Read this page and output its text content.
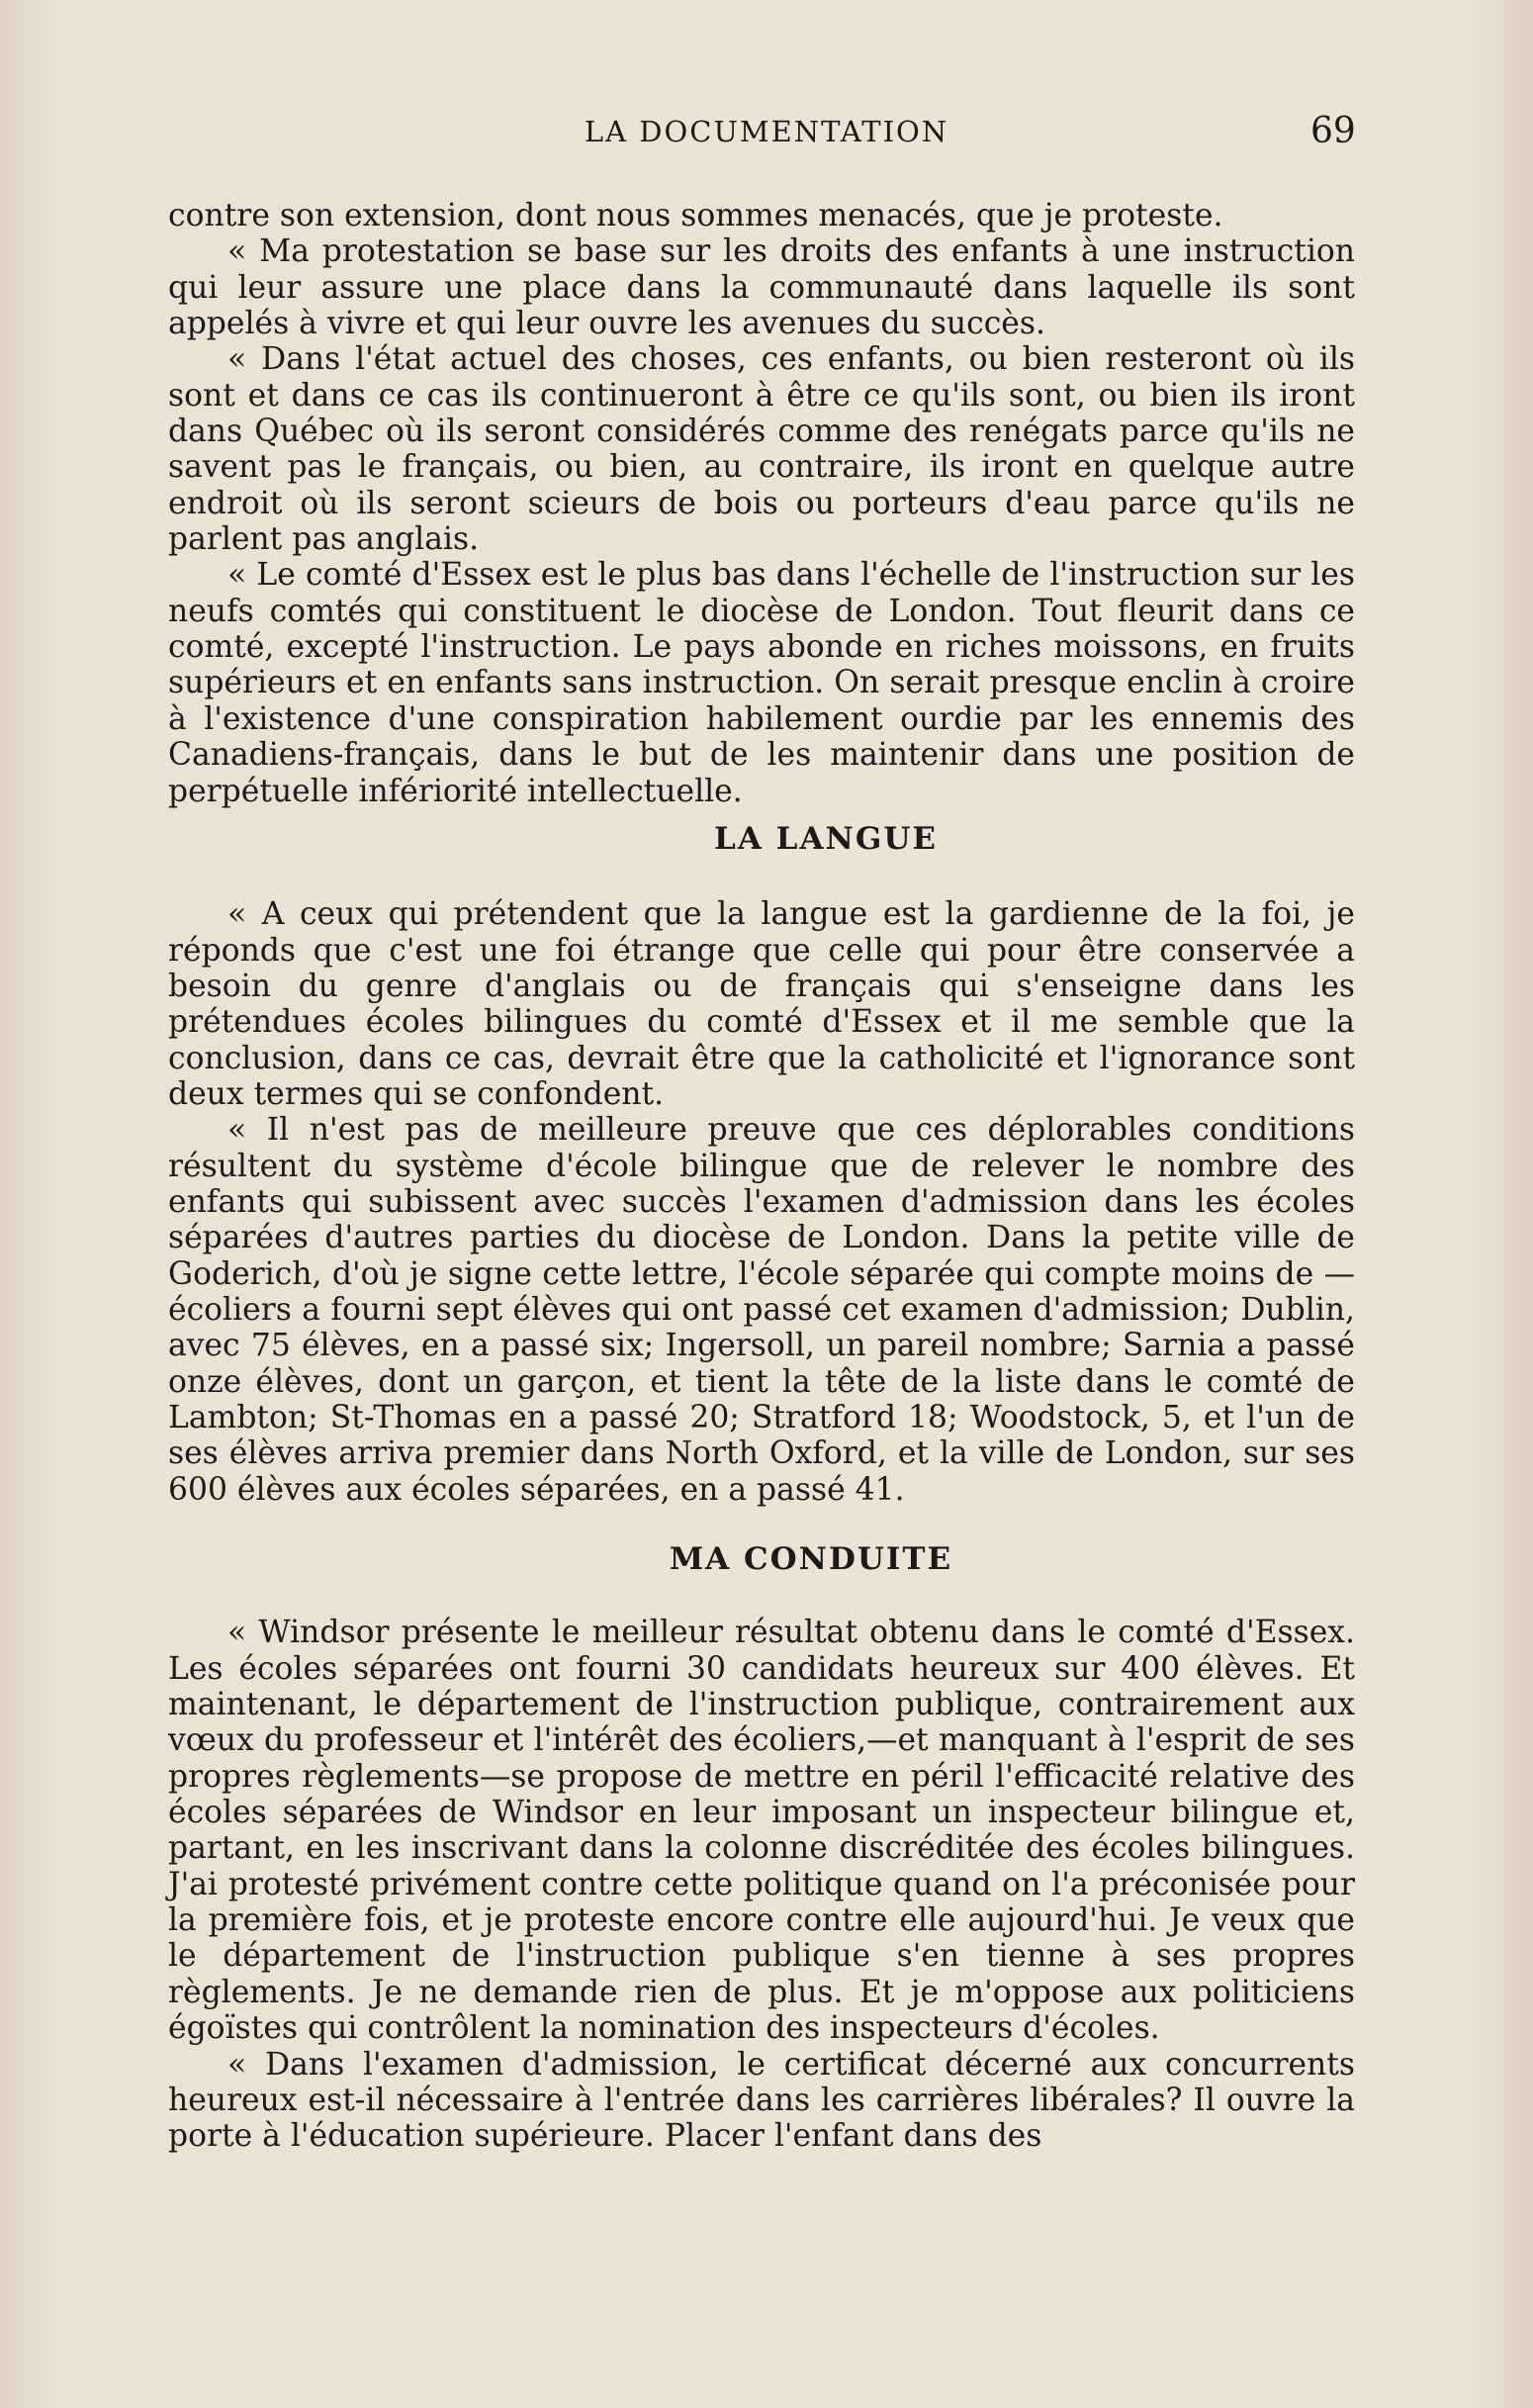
LA DOCUMENTATION	69

contre son extension, dont nous sommes menacés, que je proteste.

« Ma protestation se base sur les droits des enfants à une instruction qui leur assure une place dans la communauté dans laquelle ils sont appelés à vivre et qui leur ouvre les avenues du succès.

« Dans l'état actuel des choses, ces enfants, ou bien resteront où ils sont et dans ce cas ils continueront à être ce qu'ils sont, ou bien ils iront dans Québec où ils seront considérés comme des renégats parce qu'ils ne savent pas le français, ou bien, au contraire, ils iront en quelque autre endroit où ils seront scieurs de bois ou porteurs d'eau parce qu'ils ne parlent pas anglais.

« Le comté d'Essex est le plus bas dans l'échelle de l'instruction sur les neufs comtés qui constituent le diocèse de London. Tout fleurit dans ce comté, excepté l'instruction. Le pays abonde en riches moissons, en fruits supérieurs et en enfants sans instruction. On serait presque enclin à croire à l'existence d'une conspiration habilement ourdie par les ennemis des Canadiens-français, dans le but de les maintenir dans une position de perpétuelle infériorité intellectuelle.

LA LANGUE

« A ceux qui prétendent que la langue est la gardienne de la foi, je réponds que c'est une foi étrange que celle qui pour être conservée a besoin du genre d'anglais ou de français qui s'enseigne dans les prétendues écoles bilingues du comté d'Essex et il me semble que la conclusion, dans ce cas, devrait être que la catholicité et l'ignorance sont deux termes qui se confondent.

« Il n'est pas de meilleure preuve que ces déplorables conditions résultent du système d'école bilingue que de relever le nombre des enfants qui subissent avec succès l'examen d'admission dans les écoles séparées d'autres parties du diocèse de London. Dans la petite ville de Goderich, d'où je signe cette lettre, l'école séparée qui compte moins de — écoliers a fourni sept élèves qui ont passé cet examen d'admission; Dublin, avec 75 élèves, en a passé six; Ingersoll, un pareil nombre; Sarnia a passé onze élèves, dont un garçon, et tient la tête de la liste dans le comté de Lambton; St-Thomas en a passé 20; Stratford 18; Woodstock, 5, et l'un de ses élèves arriva premier dans North Oxford, et la ville de London, sur ses 600 élèves aux écoles séparées, en a passé 41.

MA CONDUITE

« Windsor présente le meilleur résultat obtenu dans le comté d'Essex. Les écoles séparées ont fourni 30 candidats heureux sur 400 élèves. Et maintenant, le département de l'instruction publique, contrairement aux vœux du professeur et l'intérêt des écoliers,—et manquant à l'esprit de ses propres règlements—se propose de mettre en péril l'efficacité relative des écoles séparées de Windsor en leur imposant un inspecteur bilingue et, partant, en les inscrivant dans la colonne discréditée des écoles bilingues. J'ai protesté privément contre cette politique quand on l'a préconisée pour la première fois, et je proteste encore contre elle aujourd'hui. Je veux que le département de l'instruction publique s'en tienne à ses propres règlements. Je ne demande rien de plus. Et je m'oppose aux politiciens égoïstes qui contrôlent la nomination des inspecteurs d'écoles.

« Dans l'examen d'admission, le certificat décerné aux concurrents heureux est-il nécessaire à l'entrée dans les carrières libérales? Il ouvre la porte à l'éducation supérieure. Placer l'enfant dans des
